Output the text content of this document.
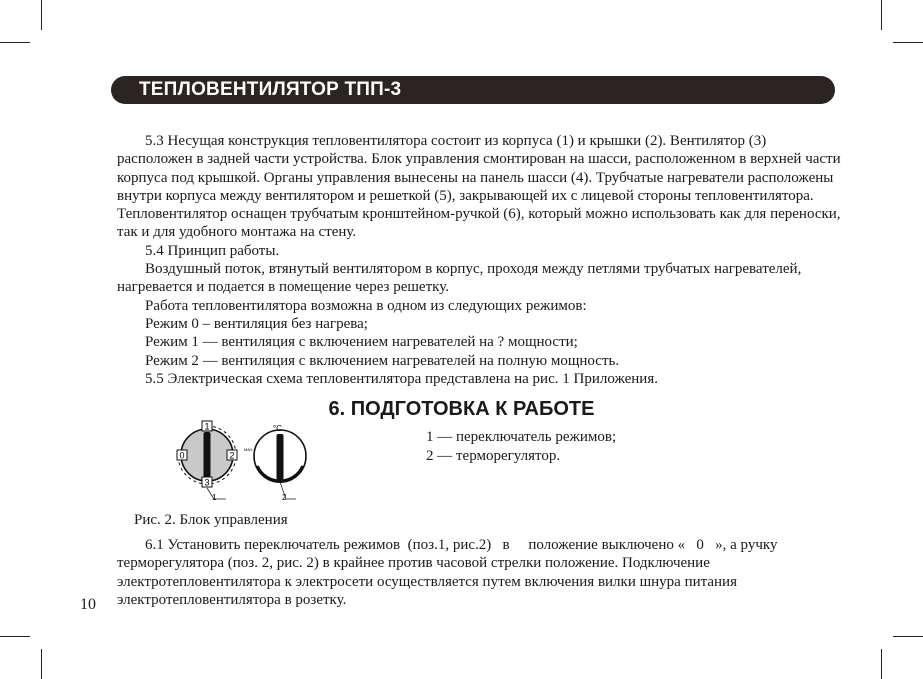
ТЕПЛОВЕНТИЛЯТОР ТПП-3

5.3 Несущая конструкция тепловентилятора состоит из корпуса (1) и крышки (2). Вентилятор (3) расположен в задней части устройства. Блок управления смонтирован на шасси, расположенном в верхней части корпуса под крышкой. Органы управления вынесены на панель шасси (4). Трубчатые нагреватели расположены внутри корпуса между вентилятором и решеткой (5), закрывающей их с лицевой стороны тепловентилятора. Тепловентилятор оснащен трубчатым кронштейном-ручкой (6), который можно использовать как для переноски, так и для удобного монтажа на стену.

5.4 Принцип работы.

Воздушный поток, втянутый вентилятором в корпус, проходя между петлями трубчатых нагревателей, нагревается и подается в помещение через решетку.

Работа тепловентилятора возможна в одном из следующих режимов:

Режим 0 – вентиляция без нагрева;

Режим 1 — вентиляция с включением нагревателей на ? мощности;

Режим 2 — вентиляция с включением нагревателей на полную мощность.

5.5 Электрическая схема тепловентилятора представлена на рис. 1 Приложения.

6. ПОДГОТОВКА К РАБОТЕ
1
0	2
3
°С
MAX
1	2
1 — переключатель режимов;
2 — терморегулятор.
Рис. 2. Блок управления

6.1 Установить переключатель режимов  (поз.1, рис.2)   в     положение выключено «   0   », а ручку терморегулятора (поз. 2, рис. 2) в крайнее против часовой стрелки положение. Подключение электротепловентилятора к электросети осуществляется путем включения вилки шнура питания электротепловентилятора в розетку.

10
